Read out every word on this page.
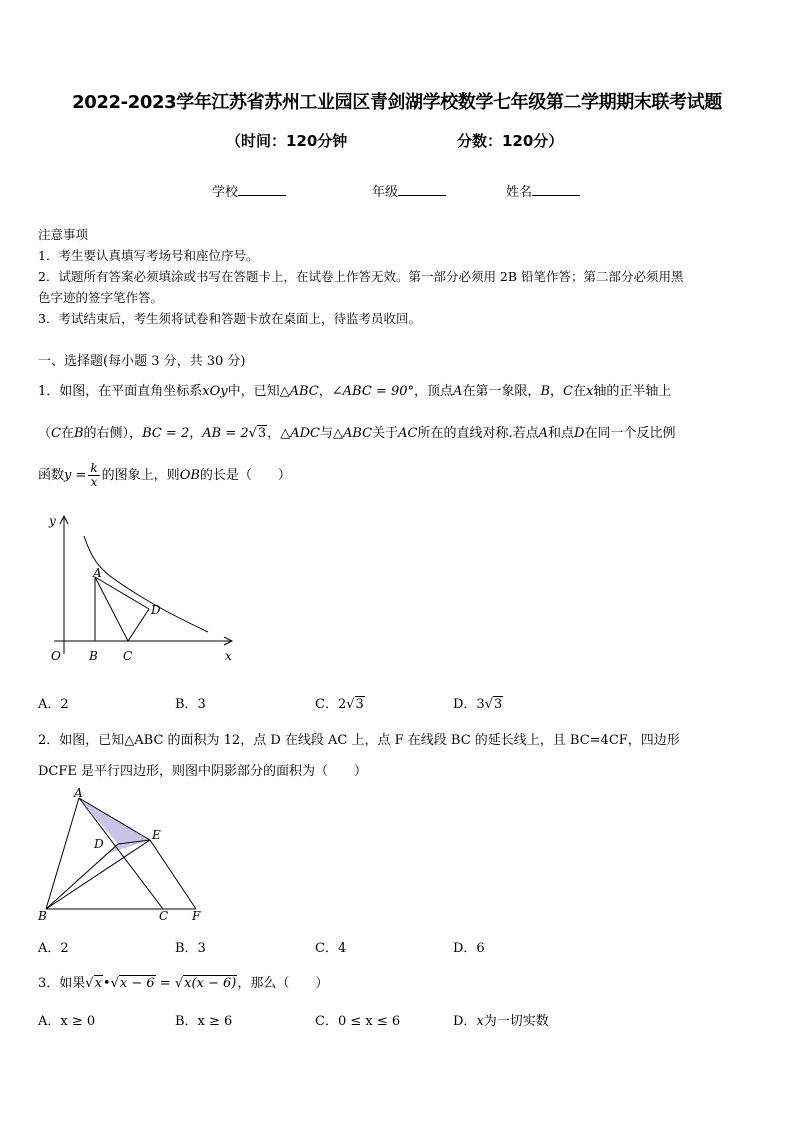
2022-2023学年江苏省苏州工业园区青剑湖学校数学七年级第二学期期末联考试题
（时间：120分钟	分数：120分）
学校	年级	姓名
注意事项
1．考生要认真填写考场号和座位序号。
2．试题所有答案必须填涂或书写在答题卡上，在试卷上作答无效。第一部分必须用 2B 铅笔作答；第二部分必须用黑
色字迹的签字笔作答。
3．考试结束后，考生须将试卷和答题卡放在桌面上，待监考员收回。
一、选择题(每小题 3 分，共 30 分)
1．如图，在平面直角坐标系xOy中，已知△ABC，∠ABC = 90°，顶点A在第一象限，B，C在x轴的正半轴上
（C在B的右侧），BC = 2，AB = 2√3，△ADC与△ABC关于AC所在的直线对称.若点A和点D在同一个反比例
函数$y = \frac{k}{x}$ 的图象上，则OB的长是（　　）
y
A
D
O B C	x
A．2	B．3	C．2√3	D．3√3
2．如图，已知△ABC 的面积为 12，点 D 在线段 AC 上，点 F 在线段 BC 的延长线上，且 BC=4CF，四边形
DCFE 是平行四边形，则图中阴影部分的面积为（　　）
A
E
D
B	C F
A．2	B．3	C．4	D．6
3．如果√x•√x − 6 = √x(x − 6)，那么（　　）
A．x ≥ 0	B．x ≥ 6	C．0 ≤ x ≤ 6	D．x为一切实数
